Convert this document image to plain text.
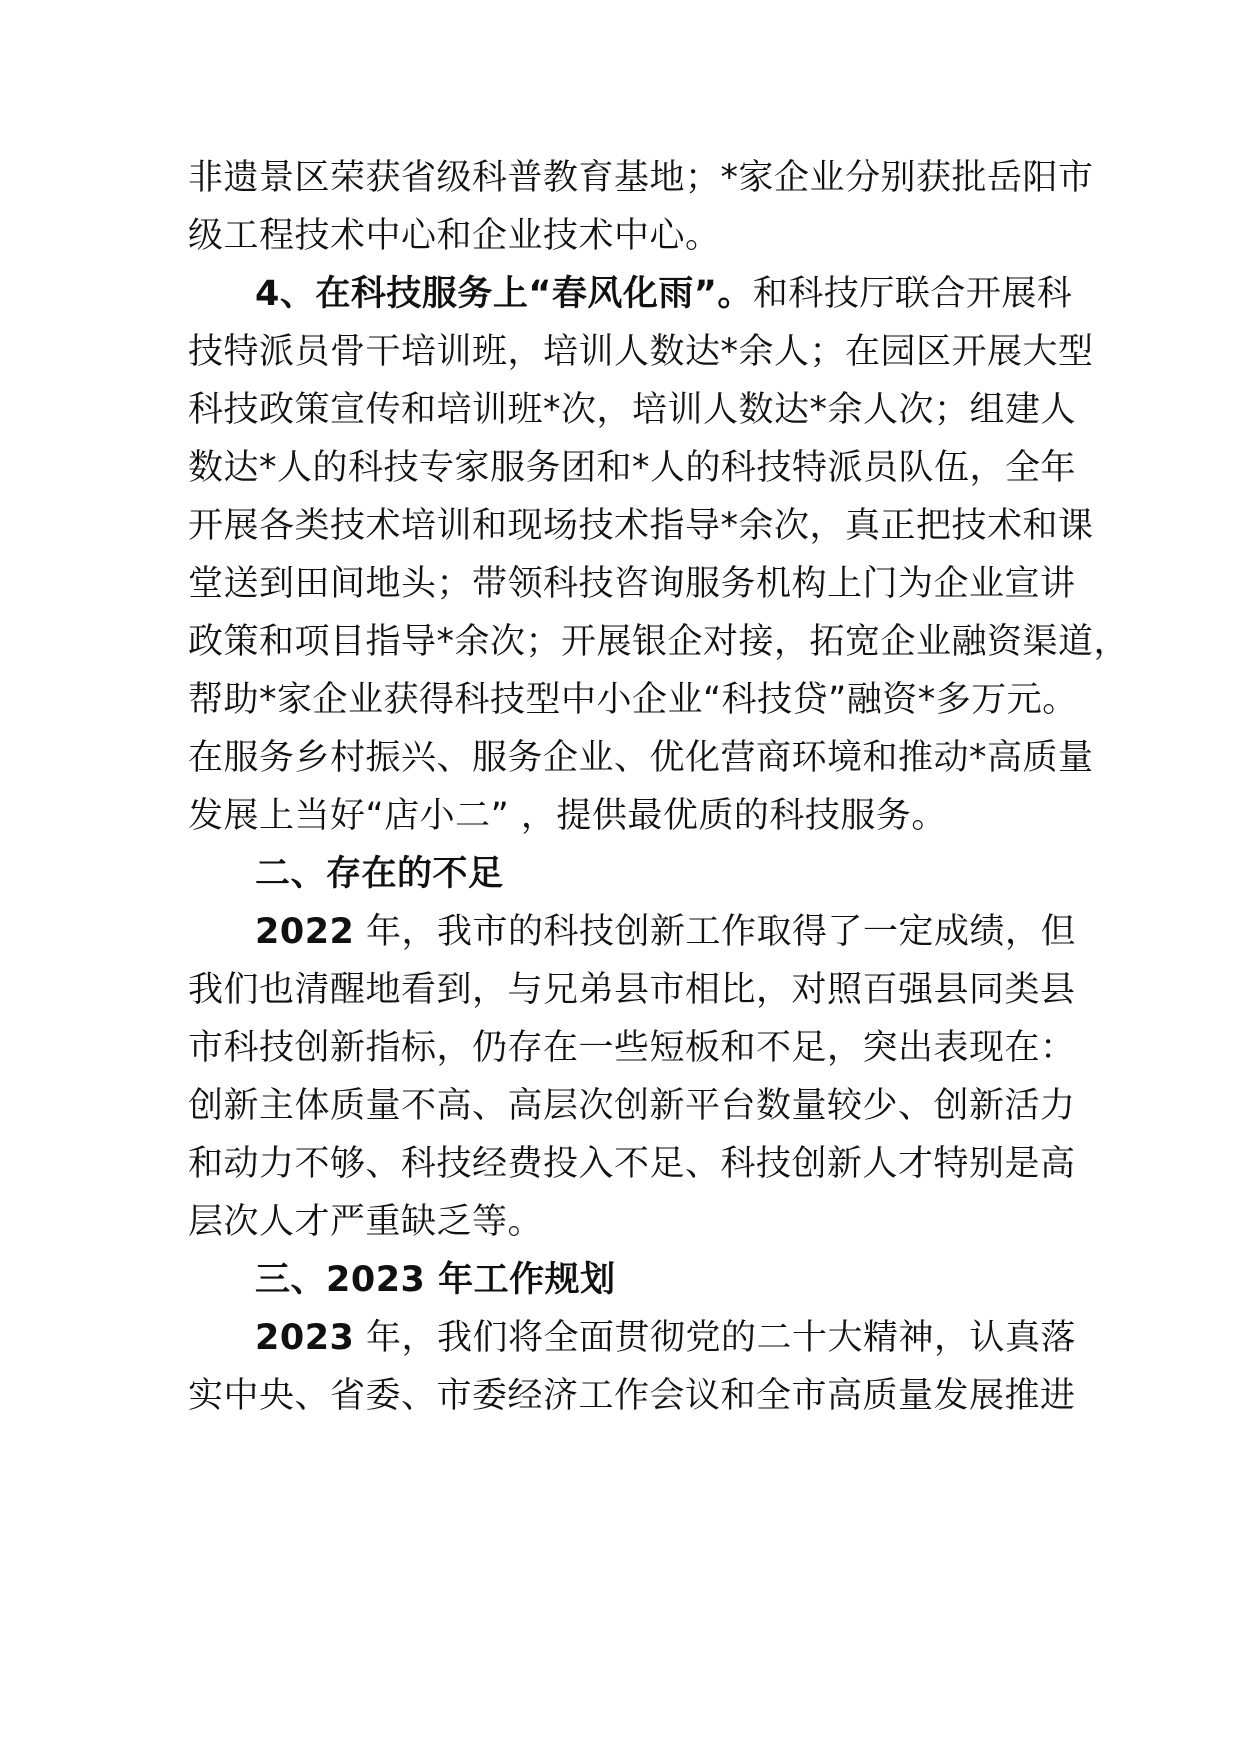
非遗景区荣获省级科普教育基地；*家企业分别获批岳阳市
级工程技术中心和企业技术中心。
4、在科技服务上“春风化雨”。和科技厅联合开展科
技特派员骨干培训班，培训人数达*余人；在园区开展大型
科技政策宣传和培训班*次，培训人数达*余人次；组建人
数达*人的科技专家服务团和*人的科技特派员队伍，全年
开展各类技术培训和现场技术指导*余次，真正把技术和课
堂送到田间地头；带领科技咨询服务机构上门为企业宣讲
政策和项目指导*余次；开展银企对接，拓宽企业融资渠道，
帮助*家企业获得科技型中小企业“科技贷”融资*多万元。
在服务乡村振兴、服务企业、优化营商环境和推动*高质量
发展上当好“店小二” ，提供最优质的科技服务。
二、存在的不足
2022 年，我市的科技创新工作取得了一定成绩，但
我们也清醒地看到，与兄弟县市相比，对照百强县同类县
市科技创新指标，仍存在一些短板和不足，突出表现在：
创新主体质量不高、高层次创新平台数量较少、创新活力
和动力不够、科技经费投入不足、科技创新人才特别是高
层次人才严重缺乏等。
三、2023 年工作规划
2023 年，我们将全面贯彻党的二十大精神，认真落
实中央、省委、市委经济工作会议和全市高质量发展推进
